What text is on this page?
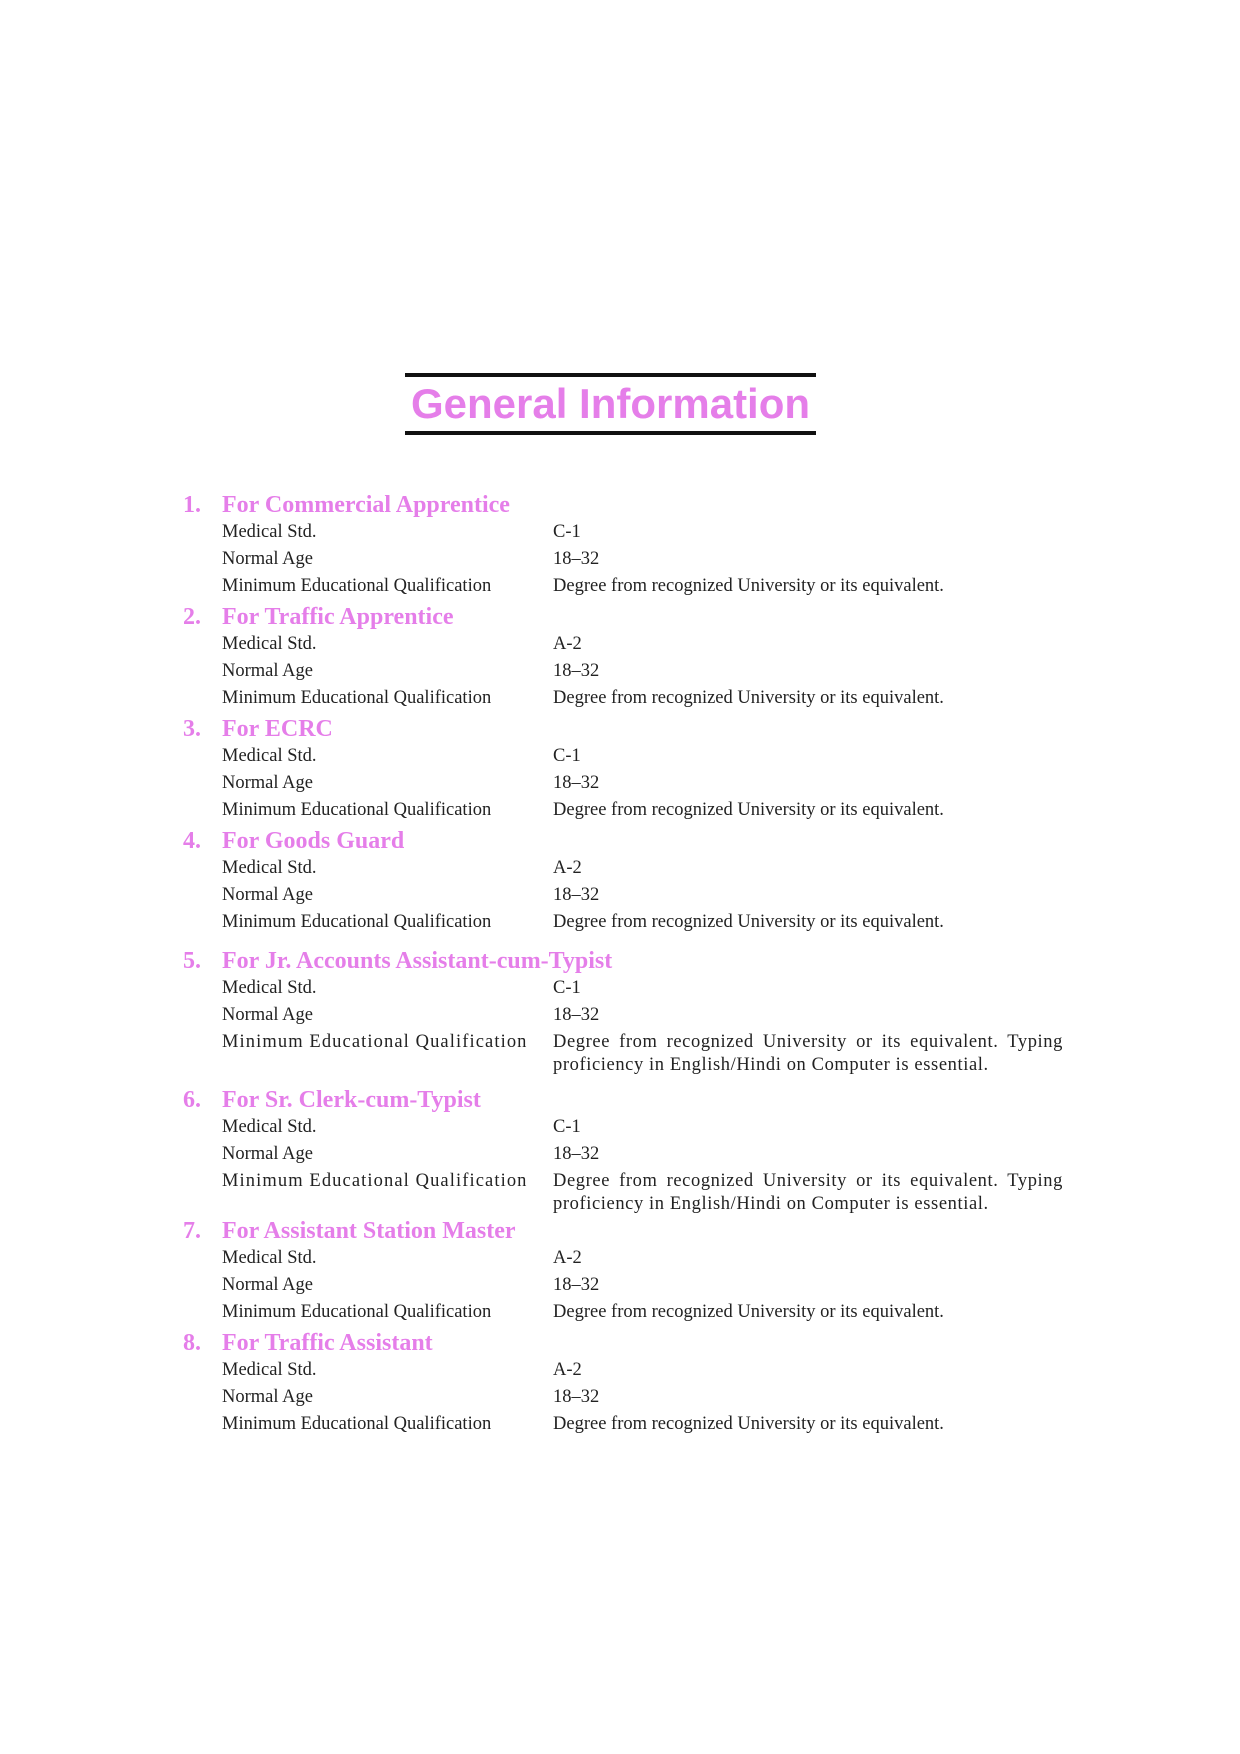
General Information
1. For Commercial Apprentice
Medical Std.	C-1
Normal Age	18–32
Minimum Educational Qualification	Degree from recognized University or its equivalent.
2. For Traffic Apprentice
Medical Std.	A-2
Normal Age	18–32
Minimum Educational Qualification	Degree from recognized University or its equivalent.
3. For ECRC
Medical Std.	C-1
Normal Age	18–32
Minimum Educational Qualification	Degree from recognized University or its equivalent.
4. For Goods Guard
Medical Std.	A-2
Normal Age	18–32
Minimum Educational Qualification	Degree from recognized University or its equivalent.
5. For Jr. Accounts Assistant-cum-Typist
Medical Std.	C-1
Normal Age	18–32
Minimum Educational Qualification	Degree from recognized University or its equivalent. Typing proficiency in English/Hindi on Computer is essential.
6. For Sr. Clerk-cum-Typist
Medical Std.	C-1
Normal Age	18–32
Minimum Educational Qualification	Degree from recognized University or its equivalent. Typing proficiency in English/Hindi on Computer is essential.
7. For Assistant Station Master
Medical Std.	A-2
Normal Age	18–32
Minimum Educational Qualification	Degree from recognized University or its equivalent.
8. For Traffic Assistant
Medical Std.	A-2
Normal Age	18–32
Minimum Educational Qualification	Degree from recognized University or its equivalent.
